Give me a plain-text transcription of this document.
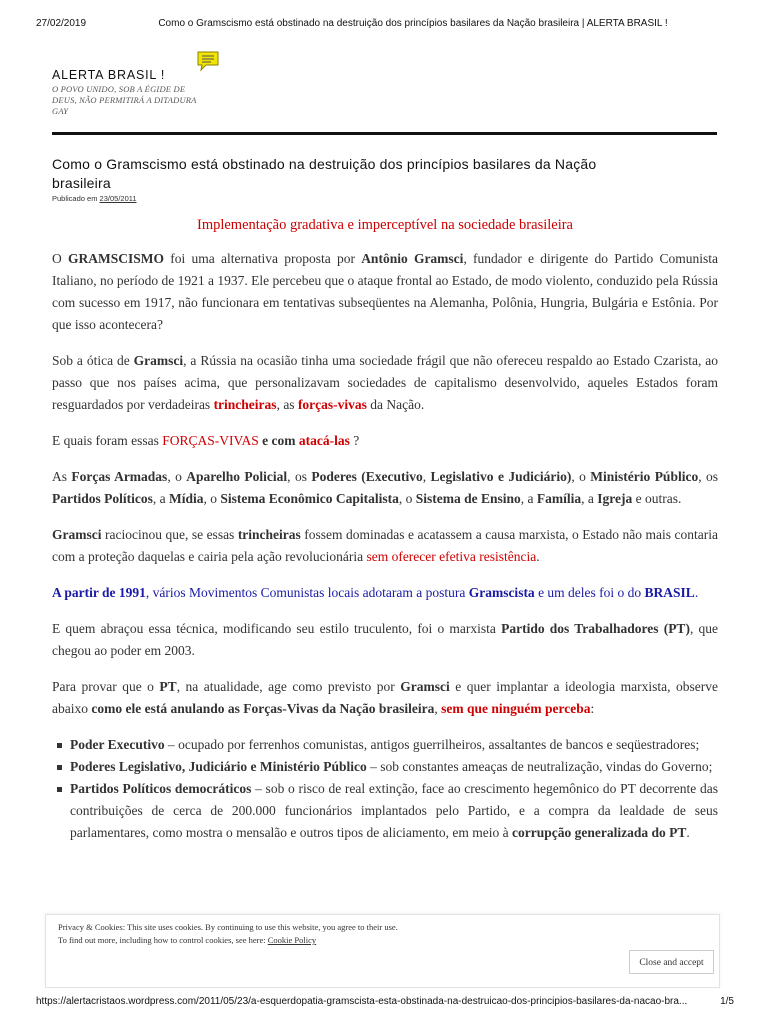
27/02/2019	Como o Gramscismo está obstinado na destruição dos princípios basilares da Nação brasileira | ALERTA BRASIL !
ALERTA BRASIL !
O POVO UNIDO, SOB A ÉGIDE DE DEUS, NÃO PERMITIRÁ A DITADURA GAY
Como o Gramscismo está obstinado na destruição dos princípios basilares da Nação brasileira
Publicado em 23/05/2011

Implementação gradativa e imperceptível na sociedade brasileira

O GRAMSCISMO foi uma alternativa proposta por Antônio Gramsci, fundador e dirigente do Partido Comunista Italiano, no período de 1921 a 1937. Ele percebeu que o ataque frontal ao Estado, de modo violento, conduzido pela Rússia com sucesso em 1917, não funcionara em tentativas subseqüentes na Alemanha, Polônia, Hungria, Bulgária e Estônia. Por que isso acontecera?

Sob a ótica de Gramsci, a Rússia na ocasião tinha uma sociedade frágil que não ofereceu respaldo ao Estado Czarista, ao passo que nos países acima, que personalizavam sociedades de capitalismo desenvolvido, aqueles Estados foram resguardados por verdadeiras trincheiras, as forças-vivas da Nação.

E quais foram essas FORÇAS-VIVAS e com atacá-las ?

As Forças Armadas, o Aparelho Policial, os Poderes (Executivo, Legislativo e Judiciário), o Ministério Público, os Partidos Políticos, a Mídia, o Sistema Econômico Capitalista, o Sistema de Ensino, a Família, a Igreja e outras.

Gramsci raciocinou que, se essas trincheiras fossem dominadas e acatassem a causa marxista, o Estado não mais contaria com a proteção daquelas e cairia pela ação revolucionária sem oferecer efetiva resistência.

A partir de 1991, vários Movimentos Comunistas locais adotaram a postura Gramscista e um deles foi o do BRASIL.

E quem abraçou essa técnica, modificando seu estilo truculento, foi o marxista Partido dos Trabalhadores (PT), que chegou ao poder em 2003.

Para provar que o PT, na atualidade, age como previsto por Gramsci e quer implantar a ideologia marxista, observe abaixo como ele está anulando as Forças-Vivas da Nação brasileira, sem que ninguém perceba:

Poder Executivo – ocupado por ferrenhos comunistas, antigos guerrilheiros, assaltantes de bancos e seqüestradores;
Poderes Legislativo, Judiciário e Ministério Público – sob constantes ameaças de neutralização, vindas do Governo;
Partidos Políticos democráticos – sob o risco de real extinção, face ao crescimento hegemônico do PT decorrente das contribuições de cerca de 200.000 funcionários implantados pelo Partido, e a compra da lealdade de seus parlamentares, como mostra o mensalão e outros tipos de aliciamento, em meio à corrupção generalizada do PT.
Privacy & Cookies: This site uses cookies. By continuing to use this website, you agree to their use.
To find out more, including how to control cookies, see here: Cookie Policy
Close and accept
https://alertacristaos.wordpress.com/2011/05/23/a-esquerdopatia-gramscista-esta-obstinada-na-destruicao-dos-principios-basilares-da-nacao-bra...	1/5
